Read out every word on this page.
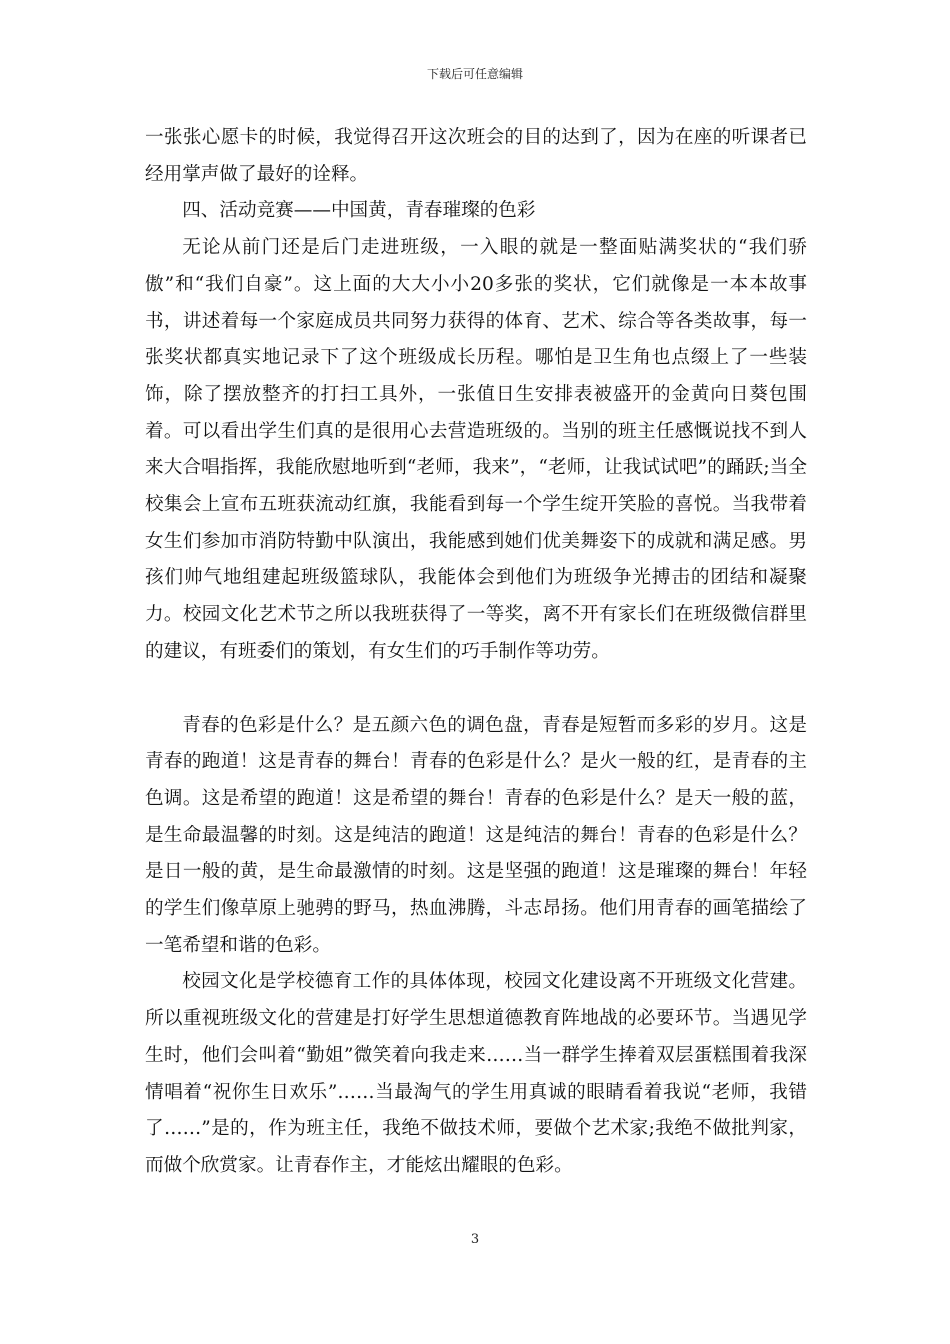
下载后可任意编辑

一张张心愿卡的时候，我觉得召开这次班会的目的达到了，因为在座的听课者已经用掌声做了最好的诠释。

四、活动竞赛——中国黄，青春璀璨的色彩

无论从前门还是后门走进班级，一入眼的就是一整面贴满奖状的“我们骄傲”和“我们自豪”。这上面的大大小小20多张的奖状，它们就像是一本本故事书，讲述着每一个家庭成员共同努力获得的体育、艺术、综合等各类故事，每一张奖状都真实地记录下了这个班级成长历程。哪怕是卫生角也点缀上了一些装饰，除了摆放整齐的打扫工具外，一张值日生安排表被盛开的金黄向日葵包围着。可以看出学生们真的是很用心去营造班级的。当别的班主任感慨说找不到人来大合唱指挥，我能欣慰地听到“老师，我来”，“老师，让我试试吧”的踊跃;当全校集会上宣布五班获流动红旗，我能看到每一个学生绽开笑脸的喜悦。当我带着女生们参加市消防特勤中队演出，我能感到她们优美舞姿下的成就和满足感。男孩们帅气地组建起班级篮球队，我能体会到他们为班级争光搏击的团结和凝聚力。校园文化艺术节之所以我班获得了一等奖，离不开有家长们在班级微信群里的建议，有班委们的策划，有女生们的巧手制作等功劳。

青春的色彩是什么？是五颜六色的调色盘，青春是短暂而多彩的岁月。这是青春的跑道！这是青春的舞台！青春的色彩是什么？是火一般的红，是青春的主色调。这是希望的跑道！这是希望的舞台！青春的色彩是什么？是天一般的蓝，是生命最温馨的时刻。这是纯洁的跑道！这是纯洁的舞台！青春的色彩是什么？是日一般的黄，是生命最激情的时刻。这是坚强的跑道！这是璀璨的舞台！年轻的学生们像草原上驰骋的野马，热血沸腾，斗志昂扬。他们用青春的画笔描绘了一笔希望和谐的色彩。

校园文化是学校德育工作的具体体现，校园文化建设离不开班级文化营建。所以重视班级文化的营建是打好学生思想道德教育阵地战的必要环节。当遇见学生时，他们会叫着“勤姐”微笑着向我走来……当一群学生捧着双层蛋糕围着我深情唱着“祝你生日欢乐”……当最淘气的学生用真诚的眼睛看着我说“老师，我错了……”是的，作为班主任，我绝不做技术师，要做个艺术家;我绝不做批判家，而做个欣赏家。让青春作主，才能炫出耀眼的色彩。

3
